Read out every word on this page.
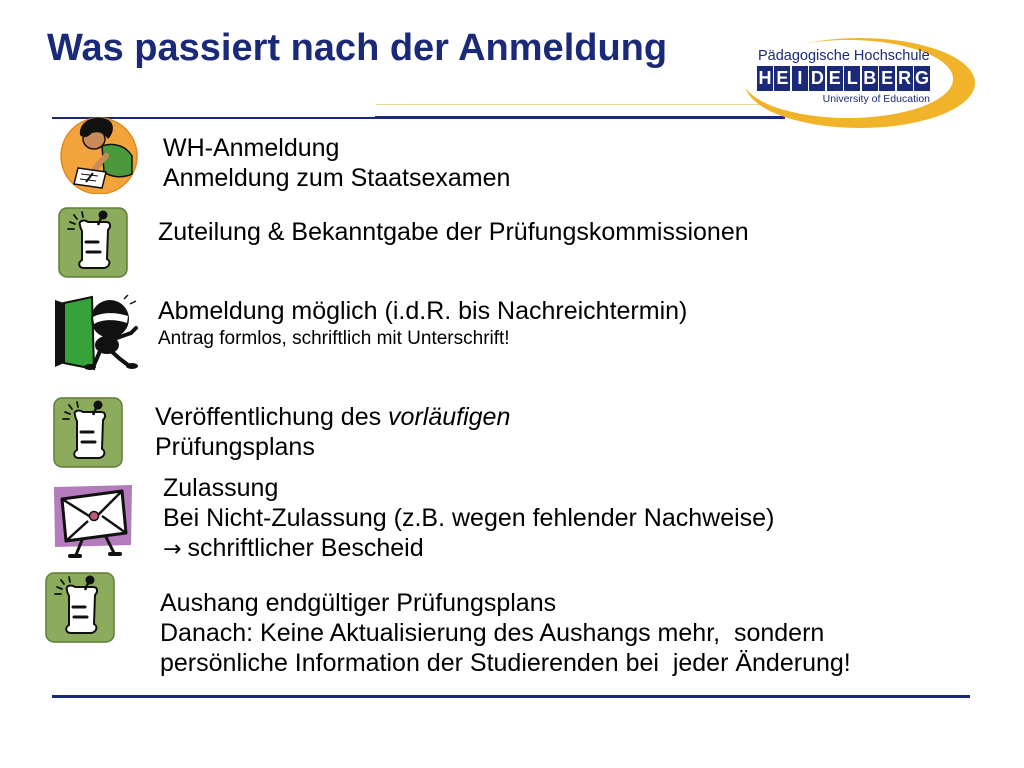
Was passiert nach der Anmeldung	Pädagogische Hochschule
H E I D E L B E R G
University of Education
WH-Anmeldung
Anmeldung zum Staatsexamen
Zuteilung & Bekanntgabe der Prüfungskommissionen
Abmeldung möglich (i.d.R. bis Nachreichtermin)
Antrag formlos, schriftlich mit Unterschrift!
Veröffentlichung des vorläufigen
Prüfungsplans
Zulassung
Bei Nicht-Zulassung (z.B. wegen fehlender Nachweise)
→ schriftlicher Bescheid
Aushang endgültiger Prüfungsplans
Danach: Keine Aktualisierung des Aushangs mehr,  sondern
persönliche Information der Studierenden bei  jeder Änderung!
